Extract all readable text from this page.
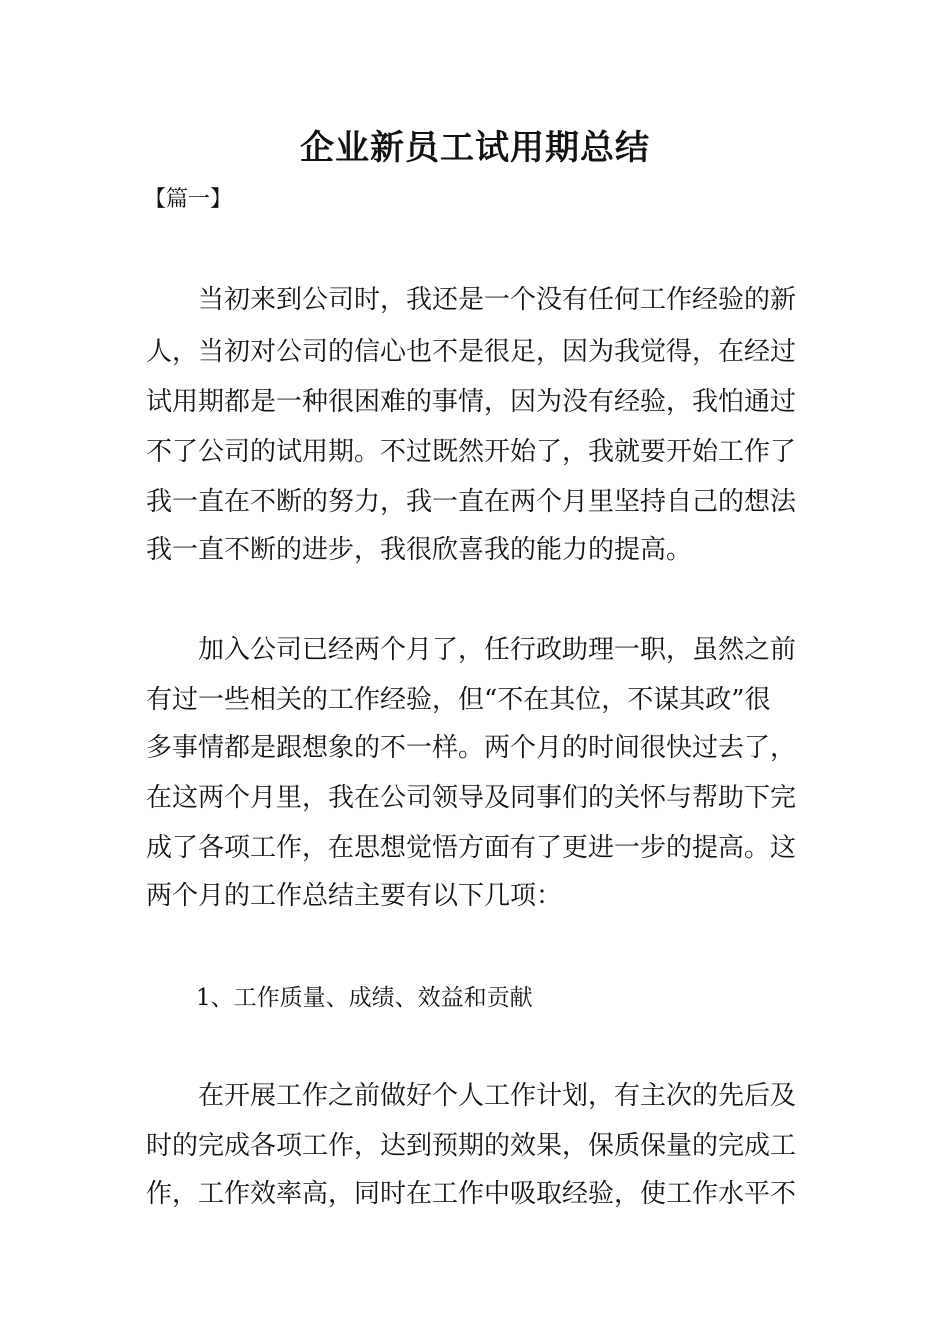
企业新员工试用期总结

【篇一】

当初来到公司时，我还是一个没有任何工作经验的新

人，当初对公司的信心也不是很足，因为我觉得，在经过

试用期都是一种很困难的事情，因为没有经验，我怕通过

不了公司的试用期。不过既然开始了，我就要开始工作了

我一直在不断的努力，我一直在两个月里坚持自己的想法

我一直不断的进步，我很欣喜我的能力的提高。

加入公司已经两个月了，任行政助理一职，虽然之前

有过一些相关的工作经验，但“不在其位，不谋其政”很

多事情都是跟想象的不一样。两个月的时间很快过去了，

在这两个月里，我在公司领导及同事们的关怀与帮助下完

成了各项工作，在思想觉悟方面有了更进一步的提高。这

两个月的工作总结主要有以下几项：

1、工作质量、成绩、效益和贡献

在开展工作之前做好个人工作计划，有主次的先后及

时的完成各项工作，达到预期的效果，保质保量的完成工

作，工作效率高，同时在工作中吸取经验，使工作水平不
